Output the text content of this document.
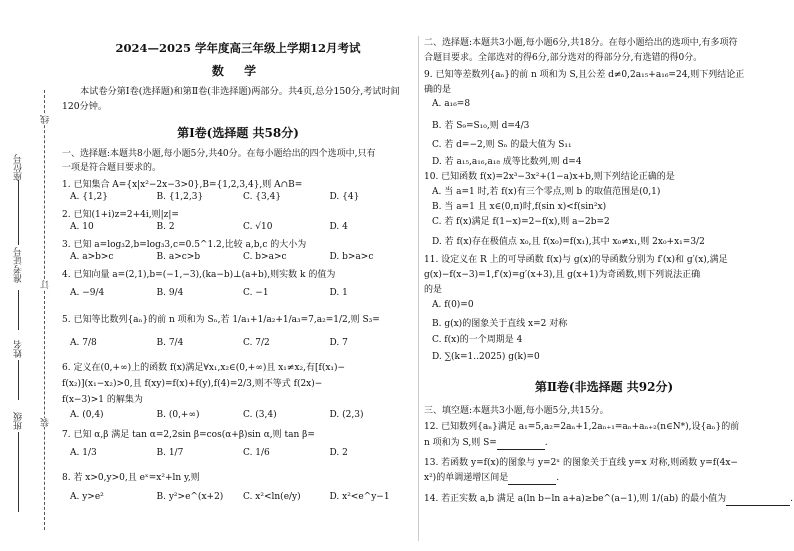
线
订
装
座位号
准考证号
姓名
班级
2024—2025 学年度高三年级上学期12月考试
数 学
本试卷分第Ⅰ卷(选择题)和第Ⅱ卷(非选择题)两部分。共4页,总分150分,考试时间120分钟。
第Ⅰ卷(选择题 共58分)
一、选择题:本题共8小题,每小题5分,共40分。在每小题给出的四个选项中,只有
一项是符合题目要求的。
1. 已知集合 A={x|x²−2x−3>0},B={1,2,3,4},则 A∩B=
A. {1,2}	B. {1,2,3}	C. {3,4}	D. {4}
2. 已知(1+i)z=2+4i,则|z|=
A. 10	B. 2	C. √10	D. 4
3. 已知 a=log₃2,b=log₃3,c=0.5^1.2,比较 a,b,c 的大小为
A. a>b>c	B. a>c>b	C. b>a>c	D. b>a>c
4. 已知向量 a=(2,1),b=(−1,−3),(ka−b)⊥(a+b),则实数 k 的值为
A. −9/4	B. 9/4	C. −1	D. 1
5. 已知等比数列{aₙ}的前 n 项和为 Sₙ,若 1/a₁+1/a₂+1/a₃=7,a₂=1/2,则 S₃=
A. 7/8	B. 7/4	C. 7/2	D. 7
6. 定义在(0,+∞)上的函数 f(x)满足∀x₁,x₂∈(0,+∞)且 x₁≠x₂,有[f(x₁)−
f(x₂)](x₁−x₂)>0,且 f(xy)=f(x)+f(y),f(4)=2/3,则不等式 f(2x)−
f(x−3)>1 的解集为
A. (0,4)	B. (0,+∞)	C. (3,4)	D. (2,3)
7. 已知 α,β 满足 tan α=2,2sin β=cos(α+β)sin α,则 tan β=
A. 1/3	B. 1/7	C. 1/6	D. 2
8. 若 x>0,y>0,且 eˣ=x²+ln y,则
A. y>e²	B. y²>e^(x+2)	C. x²<ln(e/y)	D. x²<e^y−1
二、选择题:本题共3小题,每小题6分,共18分。在每小题给出的选项中,有多项符
合题目要求。全部选对的得6分,部分选对的得部分分,有选错的得0分。
9. 已知等差数列{aₙ}的前 n 项和为 S,且公差 d≠0,2a₁₅+a₁₆=24,则下列结论正
确的是
A. a₁₆=8
B. 若 S₉=S₁₀,则 d=4/3
C. 若 d=−2,则 Sₙ 的最大值为 S₁₁
D. 若 a₁₅,a₁₆,a₁₈ 成等比数列,则 d=4
10. 已知函数 f(x)=2x³−3x²+(1−a)x+b,则下列结论正确的是
A. 当 a=1 时,若 f(x)有三个零点,则 b 的取值范围是(0,1)
B. 当 a=1 且 x∈(0,π)时,f(sin x)<f(sin²x)
C. 若 f(x)满足 f(1−x)=2−f(x),则 a−2b=2
D. 若 f(x)存在极值点 x₀,且 f(x₀)=f(x₁),其中 x₀≠x₁,则 2x₀+x₁=3/2
11. 设定义在 R 上的可导函数 f(x)与 g(x)的导函数分别为 f′(x)和 g′(x),满足
g(x)−f(x−3)=1,f′(x)=g′(x+3),且 g(x+1)为奇函数,则下列说法正确
的是
A. f(0)=0
B. g(x)的图象关于直线 x=2 对称
C. f(x)的一个周期是 4
D. ∑(k=1..2025) g(k)=0
第Ⅱ卷(非选择题 共92分)
三、填空题:本题共3小题,每小题5分,共15分。
12. 已知数列{aₙ}满足 a₁=5,a₂=2aₙ+1,2aₙ₊₁=aₙ+aₙ₊₂(n∈N*),设{aₙ}的前
n 项和为 S,则 S=	.
13. 若函数 y=f(x)的图象与 y=2ˣ 的图象关于直线 y=x 对称,则函数 y=f(4x−
x²)的单调递增区间是	.
14. 若正实数 a,b 满足 a(ln b−ln a+a)≥be^(a−1),则 1/(ab) 的最小值为	.
